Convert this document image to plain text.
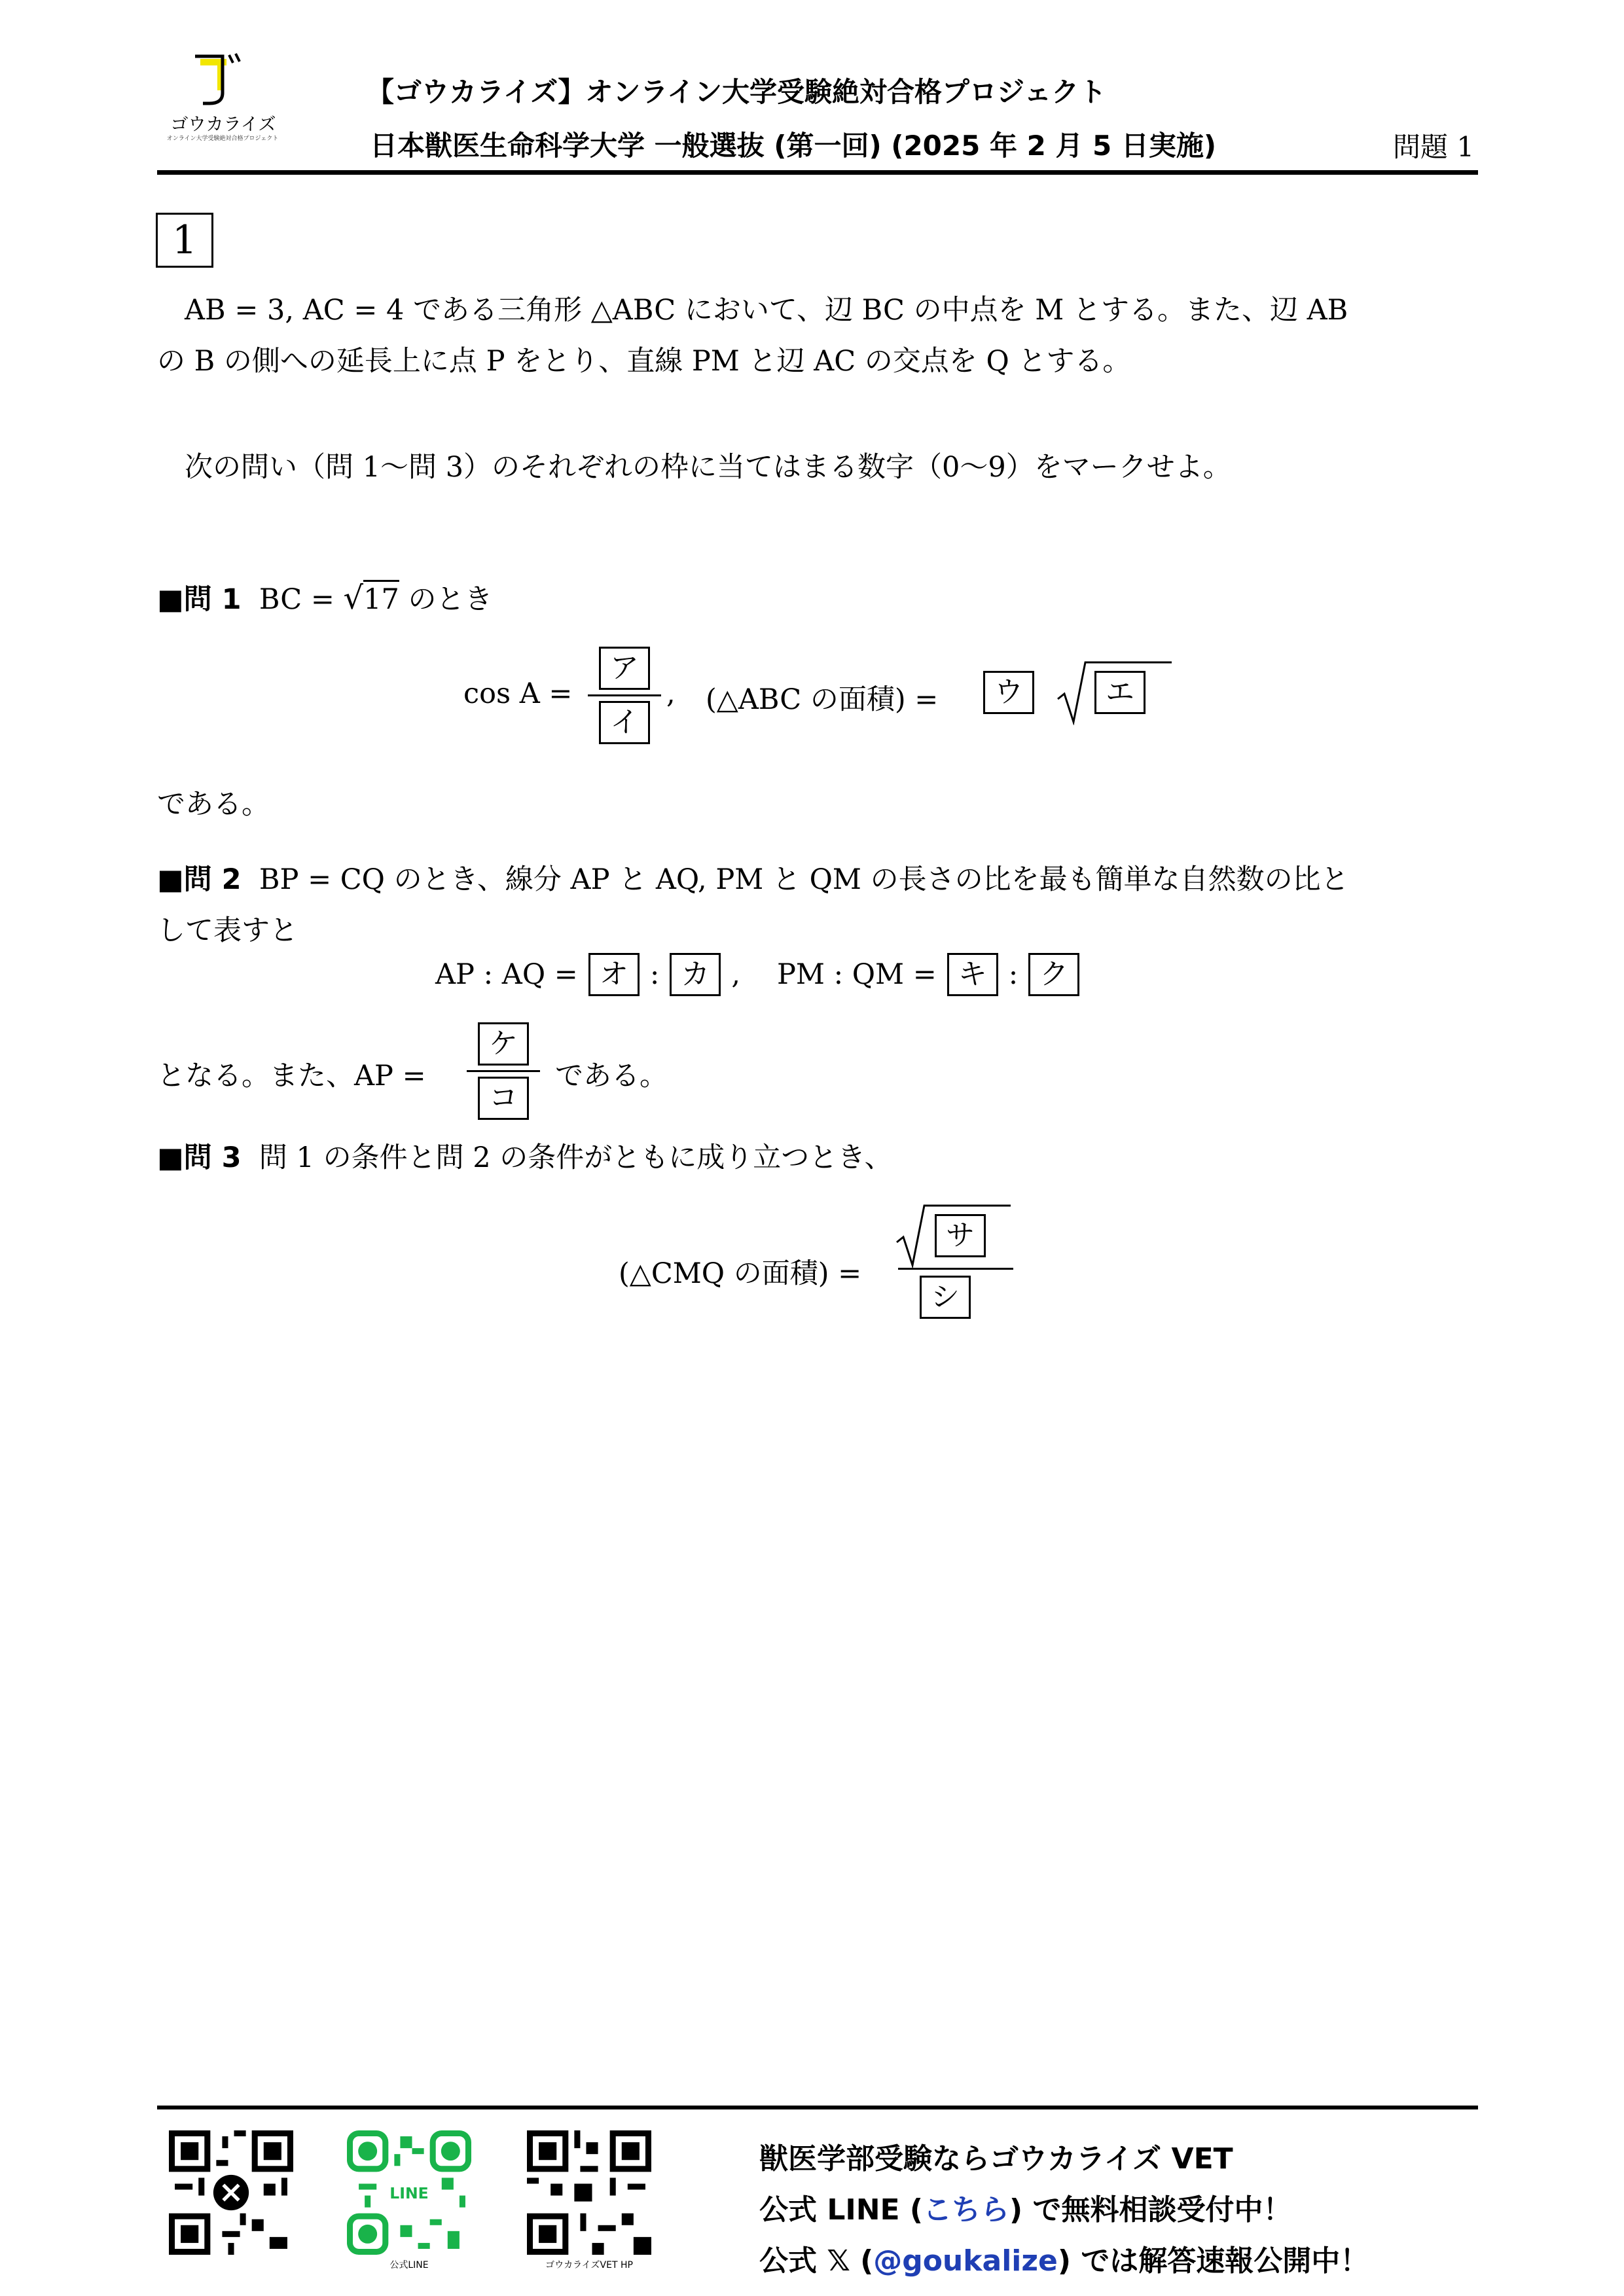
ゴウカライズ
オンライン大学受験絶対合格プロジェクト
【ゴウカライズ】オンライン大学受験絶対合格プロジェクト
日本獣医生命科学大学 一般選抜 (第一回) (2025 年 2 月 5 日実施)	問題 1
1
AB = 3, AC = 4 である三角形 △ABC において、辺 BC の中点を M とする。また、辺 AB
の B の側への延長上に点 P をとり、直線 PM と辺 AC の交点を Q とする。
次の問い（問 1〜問 3）のそれぞれの枠に当てはまる数字（0〜9）をマークせよ。
■問 1 BC = √17 のとき
cos A =
ア
イ
, (△ABC の面積) =	ウ	エ
である。
■問 2 BP = CQ のとき、線分 AP と AQ, PM と QM の長さの比を最も簡単な自然数の比と
して表すと
AP : AQ = オ : カ , PM : QM = キ : ク
となる。また、AP =
ケ
コ
である。
■問 3 問 1 の条件と問 2 の条件がともに成り立つとき、
(△CMQ の面積) =
サ
シ
LINE
公式LINE	ゴウカライズVET HP
獣医学部受験ならゴウカライズ VET
公式 LINE (こちら) で無料相談受付中！
公式 𝕏 (@goukalize) では解答速報公開中！
